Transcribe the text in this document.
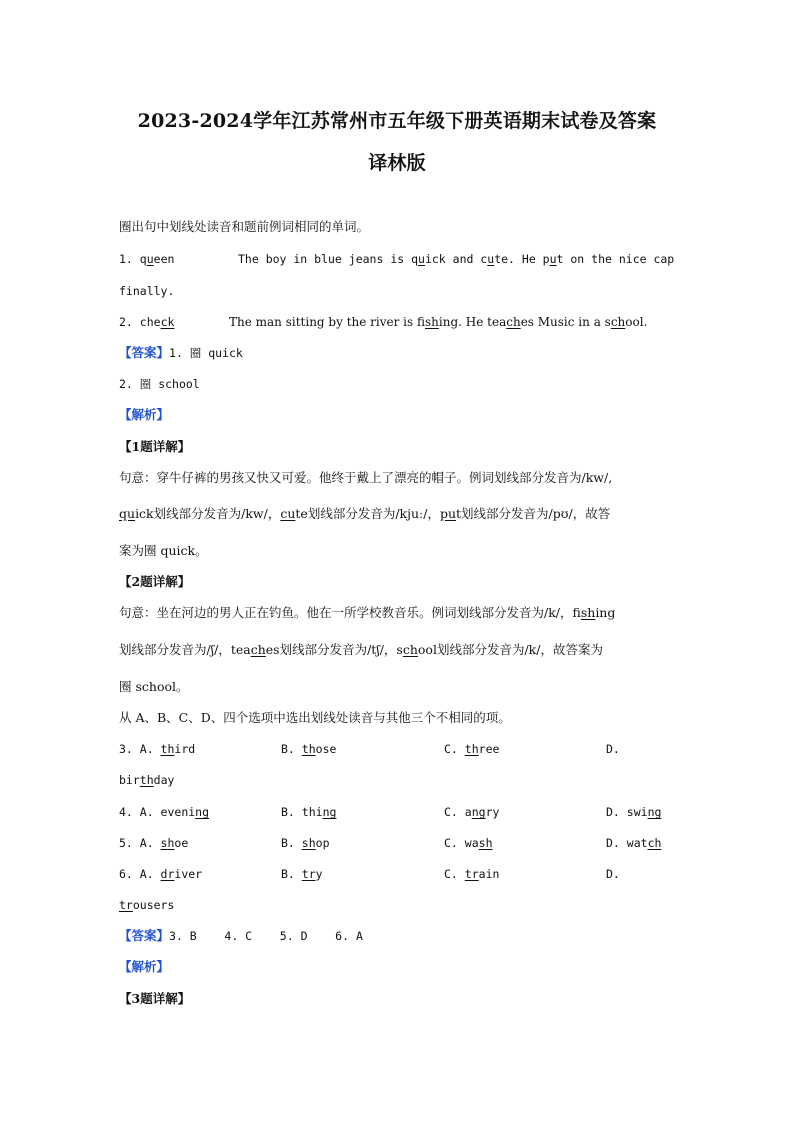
2023-2024学年江苏常州市五年级下册英语期末试卷及答案
译林版
圈出句中划线处读音和题前例词相同的单词。
1. queen	The boy in blue jeans is quick and cute. He put on the nice cap
finally.
2. check	The man sitting by the river is fishing. He teaches Music in a school.
【答案】1. 圈 quick
2. 圈 school
【解析】
【1题详解】
句意：穿牛仔裤的男孩又快又可爱。他终于戴上了漂亮的帽子。例词划线部分发音为/kw/,
quick划线部分发音为/kw/，cute划线部分发音为/kjuː/，put划线部分发音为/pʊ/，故答
案为圈 quick。
【2题详解】
句意：坐在河边的男人正在钓鱼。他在一所学校教音乐。例词划线部分发音为/k/，fishing
划线部分发音为/ʃ/，teaches划线部分发音为/tʃ/，school划线部分发音为/k/，故答案为
圈 school。
从 A、B、C、D、四个选项中选出划线处读音与其他三个不相同的项。
3. A. third	B. those	C. three	D.
birthday
4. A. evening	B. thing	C. angry	D. swing
5. A. shoe	B. shop	C. wash	D. watch
6. A. driver	B. try	C. train	D.
trousers
【答案】3. B    4. C    5. D    6. A
【解析】
【3题详解】
